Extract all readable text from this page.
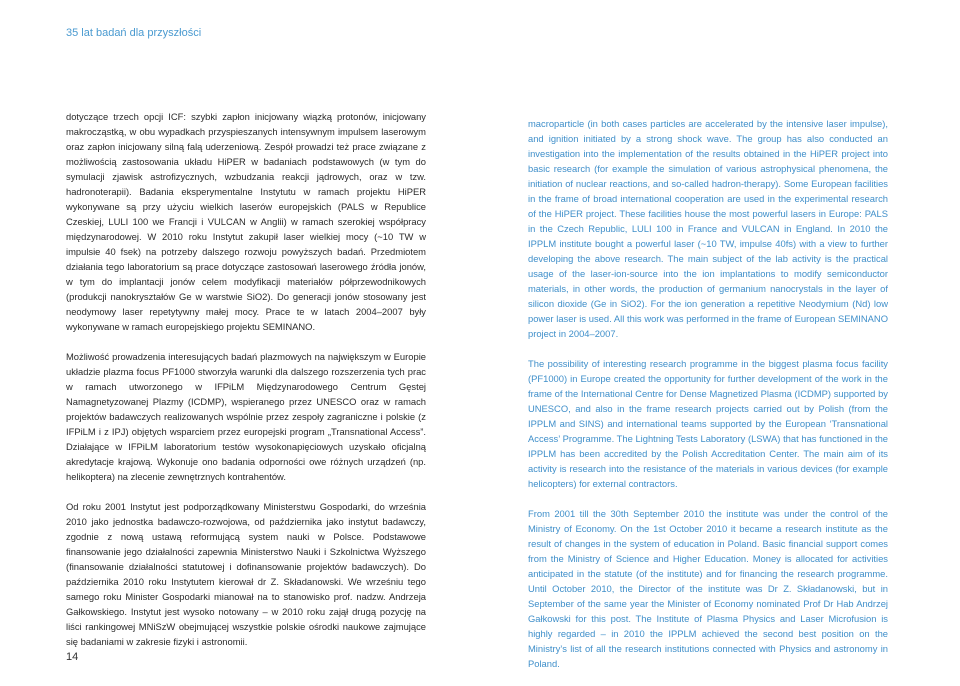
35 lat badań dla przyszłości

dotyczące trzech opcji ICF: szybki zapłon inicjowany wiązką protonów, inicjowany makrocząstką, w obu wypadkach przyspieszanych intensywnym impulsem laserowym oraz zapłon inicjowany silną falą uderzeniową. Zespół prowadzi też prace związane z możliwością zastosowania układu HiPER w badaniach podstawowych (w tym do symulacji zjawisk astrofizycznych, wzbudzania reakcji jądrowych, oraz w tzw. hadronoterapii). Badania eksperymentalne Instytutu w ramach projektu HiPER wykonywane są przy użyciu wielkich laserów europejskich (PALS w Republice Czeskiej, LULI 100 we Francji i VULCAN w Anglii) w ramach szerokiej współpracy międzynarodowej. W 2010 roku Instytut zakupił laser wielkiej mocy (~10 TW w impulsie 40 fsek) na potrzeby dalszego rozwoju powyższych badań. Przedmiotem działania tego laboratorium są prace dotyczące zastosowań laserowego źródła jonów, w tym do implantacji jonów celem modyfikacji materiałów półprzewodnikowych (produkcji nanokryształów Ge w warstwie SiO2). Do generacji jonów stosowany jest neodymowy laser repetytywny małej mocy. Prace te w latach 2004–2007 były wykonywane w ramach europejskiego projektu SEMINANO.

Możliwość prowadzenia interesujących badań plazmowych na największym w Europie układzie plazma focus PF1000 stworzyła warunki dla dalszego rozszerzenia tych prac w ramach utworzonego w IFPiLM Międzynarodowego Centrum Gęstej Namagnetyzowanej Plazmy (ICDMP), wspieranego przez UNESCO oraz w ramach projektów badawczych realizowanych wspólnie przez zespoły zagraniczne i polskie (z IFPiLM i z IPJ) objętych wsparciem przez europejski program „Transnational Access”. Działające w IFPiLM laboratorium testów wysokonapięciowych uzyskało oficjalną akredytacje krajową. Wykonuje ono badania odporności owe różnych urządzeń (np. helikoptera) na zlecenie zewnętrznych kontrahentów.

Od roku 2001 Instytut jest podporządkowany Ministerstwu Gospodarki, do września 2010 jako jednostka badawczo-rozwojowa, od października jako instytut badawczy, zgodnie z nową ustawą reformującą system nauki w Polsce. Podstawowe finansowanie jego działalności zapewnia Ministerstwo Nauki i Szkolnictwa Wyższego (finansowanie działalności statutowej i dofinansowanie projektów badawczych). Do października 2010 roku Instytutem kierował dr Z. Składanowski. We wrześniu tego samego roku Minister Gospodarki mianował na to stanowisko prof. nadzw. Andrzeja Gałkowskiego. Instytut jest wysoko notowany – w 2010 roku zajął drugą pozycję na liści rankingowej MNiSzW obejmującej wszystkie polskie ośrodki naukowe zajmujące się badaniami w zakresie fizyki i astronomii.

macroparticle (in both cases particles are accelerated by the intensive laser impulse), and ignition initiated by a strong shock wave. The group has also conducted an investigation into the implementation of the results obtained in the HiPER project into basic research (for example the simulation of various astrophysical phenomena, the initiation of nuclear reactions, and so-called hadron-therapy). Some European facilities in the frame of broad international cooperation are used in the experimental research of the HiPER project. These facilities house the most powerful lasers in Europe: PALS in the Czech Republic, LULI 100 in France and VULCAN in England. In 2010 the IPPLM institute bought a powerful laser (~10 TW, impulse 40fs) with a view to further developing the above research. The main subject of the lab activity is the practical usage of the laser-ion-source into the ion implantations to modify semiconductor materials, in other words, the production of germanium nanocrystals in the layer of silicon dioxide (Ge in SiO2). For the ion generation a repetitive Neodymium (Nd) low power laser is used. All this work was performed in the frame of European SEMINANO project in 2004–2007.

The possibility of interesting research programme in the biggest plasma focus facility (PF1000) in Europe created the opportunity for further development of the work in the frame of the International Centre for Dense Magnetized Plasma (ICDMP) supported by UNESCO, and also in the frame research projects carried out by Polish (from the IPPLM and SINS) and international teams supported by the European ‘Transnational Access’ Programme. The Lightning Tests Laboratory (LSWA) that has functioned in the IPPLM has been accredited by the Polish Accreditation Center. The main aim of its activity is research into the resistance of the materials in various devices (for example helicopters) for external contractors.

From 2001 till the 30th September 2010 the institute was under the control of the Ministry of Economy. On the 1st October 2010 it became a research institute as the result of changes in the system of education in Poland. Basic financial support comes from the Ministry of Science and Higher Education. Money is allocated for activities anticipated in the statute (of the institute) and for financing the research programme. Until October 2010, the Director of the institute was Dr Z. Składanowski, but in September of the same year the Minister of Economy nominated Prof Dr Hab Andrzej Gałkowski for this post. The Institute of Plasma Physics and Laser Microfusion is highly regarded – in 2010 the IPPLM achieved the second best position on the Ministry’s list of all the research institutions connected with Physics and astronomy in Poland.

14
